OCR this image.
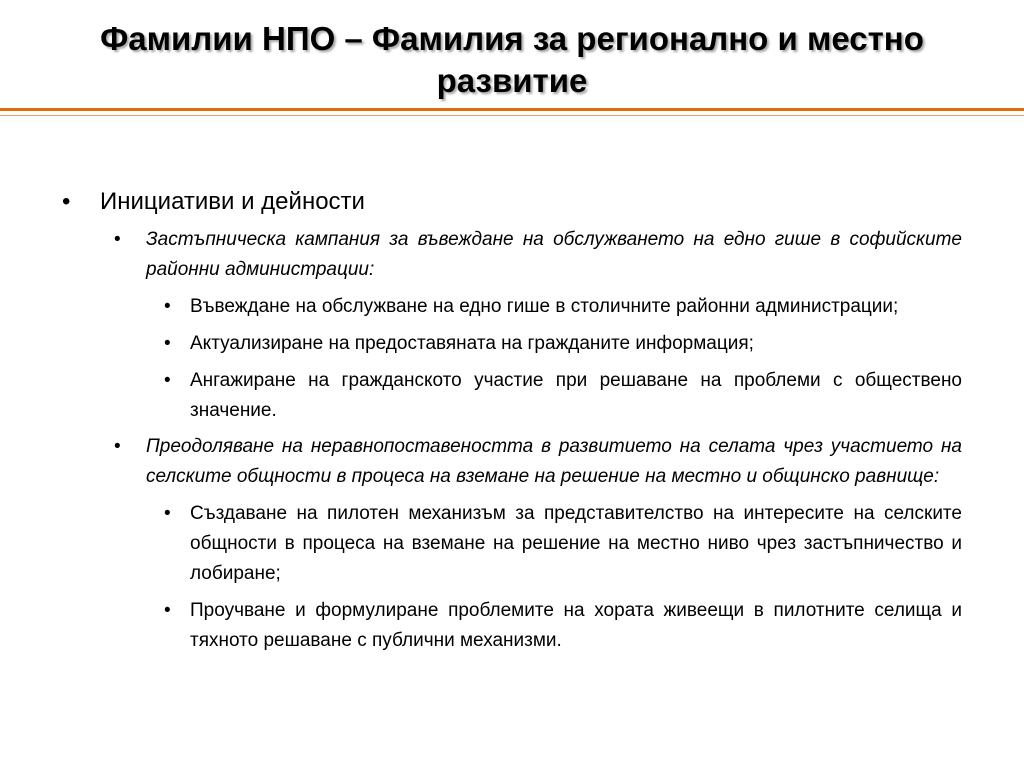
Фамилии НПО – Фамилия за регионално и местно развитие
• Инициативи и дейности
• Застъпническа кампания за въвеждане на обслужването на едно гише в софийските районни администрации:
• Въвеждане на обслужване на едно гише в столичните районни администрации;
• Актуализиране на предоставяната на гражданите информация;
• Ангажиране на гражданското участие при решаване на проблеми с обществено значение.
• Преодоляване на неравнопоставеността в развитието на селата чрез участието на селските общности в процеса на вземане на решение на местно и общинско равнище:
• Създаване на пилотен механизъм за представителство на интересите на селските общности в процеса на вземане на решение на местно ниво чрез застъпничество и лобиране;
• Проучване и формулиране проблемите на хората живеещи в пилотните селища и тяхното решаване с публични механизми.
